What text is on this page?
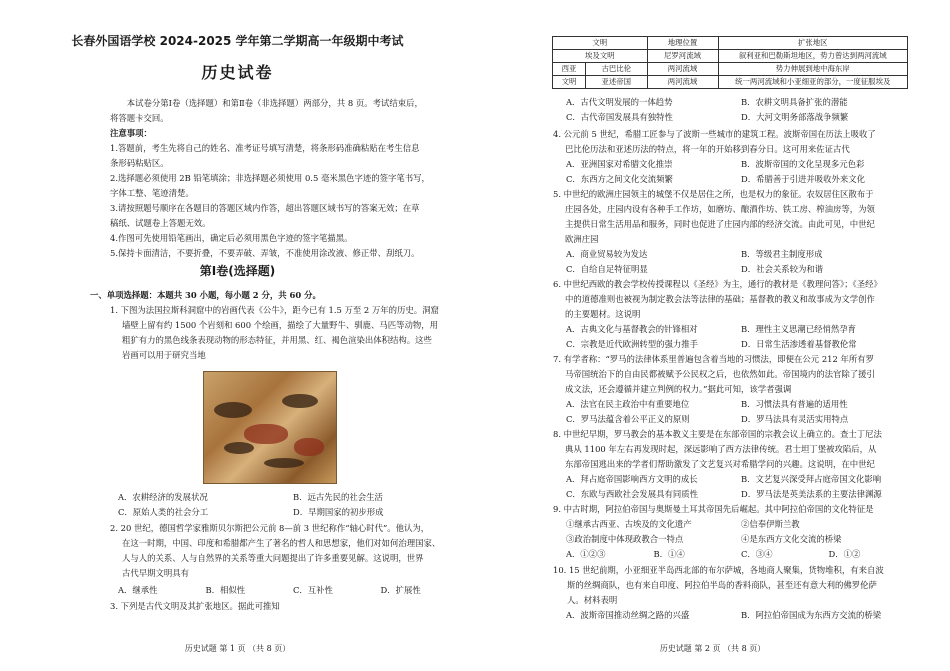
长春外国语学校 2024-2025 学年第二学期高一年级期中考试
历史试卷
本试卷分第Ⅰ卷（选择题）和第Ⅱ卷（非选择题）两部分，共 8 页。考试结束后，
将答题卡交回。
注意事项：
1.答题前，考生先将自己的姓名、准考证号填写清楚，将条形码准确粘贴在考生信息
条形码粘贴区。
2.选择题必须使用 2B 铅笔填涂；非选择题必须使用 0.5 毫米黑色字迹的签字笔书写，
字体工整、笔迹清楚。
3.请按照题号顺序在各题目的答题区域内作答，超出答题区域书写的答案无效；在草
稿纸、试题卷上答题无效。
4.作图可先使用铅笔画出，确定后必须用黑色字迹的签字笔描黑。
5.保持卡面清洁，不要折叠，不要弄破、弄皱，不准使用涂改液、修正带、刮纸刀。
第Ⅰ卷(选择题)
一、单项选择题：本题共 30 小题，每小题 2 分，共 60 分。
1. 下图为法国拉斯科洞窟中的岩画代表《公牛》，距今已有 1.5 万至 2 万年的历史。洞窟
墙壁上留有约 1500 个岩刻和 600 个绘画，描绘了大量野牛、驯鹿、马匹等动物，用
粗犷有力的黑色线条表现动物的形态特征，并用黑、红、褐色渲染出体积结构。这些
岩画可以用于研究当地
A．农耕经济的发展状况	B．远古先民的社会生活
C．原始人类的社会分工	D．早期国家的初步形成
2. 20 世纪，德国哲学家雅斯贝尔斯把公元前 8—前 3 世纪称作“轴心时代”。他认为，
在这一时期，中国、印度和希腊都产生了著名的哲人和思想家，他们对如何治理国家、
人与人的关系、人与自然界的关系等重大问题提出了许多重要见解。这说明，世界
古代早期文明具有
A．继承性	B．相似性	C．互补性	D．扩展性
3. 下列是古代文明及其扩张地区。据此可推知
历史试题 第 1 页 （共 8 页）	历史试题 第 2 页 （共 8 页）
文明		地理位置	扩张地区
埃及文明		尼罗河流域	叙利亚和巴勒斯坦地区，势力曾达到两河流域
西亚	古巴比伦	两河流域	势力伸展到地中海东岸
文明	亚述帝国	两河流域	统一两河流域和小亚细亚的部分，一度征服埃及
A．古代文明发展的一体趋势	B．农耕文明具备扩张的潜能
C．古代帝国发展具有独特性	D．大河文明务部落战争频繁
4. 公元前 5 世纪，希腊工匠参与了波斯一些城市的建筑工程。波斯帝国在历法上吸收了
巴比伦历法和亚述历法的特点，将一年的开始移到春分日。这可用来佐证古代
A．亚洲国家对希腊文化推崇	B．波斯帝国的文化呈现多元色彩
C．东西方之间文化交流频繁	D．希腊善于引进并吸收外来文化
5. 中世纪的欧洲庄园领主的城堡不仅是居住之所，也是权力的象征。农奴居住区散布于
庄园各处，庄园内设有各种手工作坊，如磨坊、酿酒作坊、铁工房、榨油房等，为领
主提供日常生活用品和服务，同时也促进了庄园内部的经济交流。由此可见，中世纪
欧洲庄园
A．商业贸易较为发达	B．等级君主制度形成
C．自给自足特征明显	D．社会关系较为和谐
6. 中世纪西欧的教会学校传授课程以《圣经》为主，通行的教材是《教理问答》；《圣经》
中的道德准则也被视为制定教会法等法律的基础；基督教的教义和故事成为文学创作
的主要题材。这说明
A．古典文化与基督教会的针锋相对	B．理性主义思潮已经悄然孕育
C．宗教是近代欧洲转型的强力推手	D．日常生活渗透着基督教伦常
7. 有学者称：“罗马的法律体系里普遍包含着当地的习惯法，即便在公元 212 年所有罗
马帝国统治下的自由民都被赋予公民权之后，也依然如此。帝国境内的法官除了援引
成文法，还会遵循并建立判例的权力。”据此可知，该学者强调
A．法官在民主政治中有重要地位	B．习惯法具有普遍的适用性
C．罗马法蕴含着公平正义的原则	D．罗马法具有灵活实用特点
8. 中世纪早期，罗马教会的基本教义主要是在东部帝国的宗教会议上确立的。查士丁尼法
典从 1100 年左右再发现时起，深远影响了西方法律传统。君士坦丁堡被攻陷后，从
东部帝国逃出来的学者们帮助激发了文艺复兴对希腊学问的兴趣。这说明，在中世纪
A．拜占庭帝国影响西方文明的成长	B．文艺复兴深受拜占庭帝国文化影响
C．东欧与西欧社会发展具有同质性	D．罗马法是英美法系的主要法律渊源
9. 中古时期，阿拉伯帝国与奥斯曼土耳其帝国先后崛起。其中阿拉伯帝国的文化特征是
①继承古西亚、古埃及的文化遗产	②信奉伊斯兰教
③政治制度中体现政教合一特点	④是东西方文化交流的桥梁
A．①②③	B．①④	C．③④	D．①②
10. 15 世纪前期，小亚细亚半岛西北部的布尔萨城，各地商人聚集，货物堆积，有来自波
斯的丝绸商队，也有来自印度、阿拉伯半岛的香料商队，甚至还有意大利的佛罗伦萨
人。材料表明
A．波斯帝国推动丝绸之路的兴盛	B．阿拉伯帝国成为东西方交流的桥梁
